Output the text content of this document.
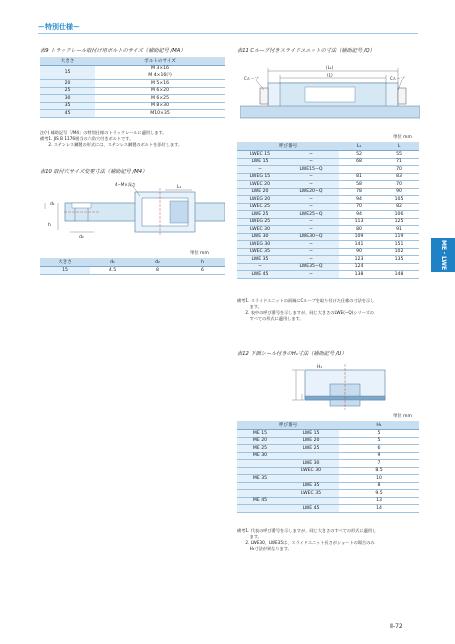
ー特別仕様ー
ME・LWE
表9 トラックレール取付け用ボルトのサイズ（補助記号 /MA）
大きさ	ボルトのサイズ
15	M 3×16
M 4×16(¹)
20	M 5×16
25	M 6×20
30	M 6×25
35	M 8×30
45	M10×35
注(¹) 補助記号「/M4」の特別仕様のトラックレールに適用します。
備考1. JIS B 1176相当の六角穴付きボルトです。
　　2. ステンレス鋼製の形式には、ステンレス鋼製のボルトを添付します。
表10 取付穴サイズ変更寸法（補助記号 /M4）
4−M×深さ
L₁
d₁
d₂
h
単位 mm
大きさ	d₁	d₂	h
15	4.5	8	6
表11 Cループ付きスライドユニットの寸法（補助記号 /Q）
Cループ	Cループ
(L₁)
(L)
単位 mm
呼び番号		L₁	L
LWEC 15	−	52	55
LWE 15	−	68	71
−	LWE15−Q		70
LWEG 15	−	81	83
LWEC 20	−	58	70
LWE 20	LWE20−Q	78	90
LWEG 20	−	94	105
LWEC 25	−	70	82
LWE 25	LWE25−Q	94	106
LWEG 25	−	113	125
LWEC 30	−	80	91
LWE 30	LWE30−Q	109	119
LWEG 30	−	141	151
LWEC 35	−	90	102
LWE 35	−	123	135
−	LWE35−Q	124	
LWE 45	−	138	148
備考1. スライドユニットの両端にCループを取り付けた仕様の寸法を示し
　　　ます。
　　2. 表中の呼び番号を示しますが、同じ大きさのLWE(−Q)シリーズの
　　　すべての形式に適用します。
表12 下面シール付きのH₁寸法（補助記号 /U）
H₁
単位 mm
呼び番号		H₁
ME 15	LWE 15	5
ME 20	LWE 20	5
ME 25	LWE 25	6
ME 30		9
	LWE 30	7
	LWEC 30	8.5
ME 35		10
	LWE 35	8
	LWEC 35	9.5
ME 45		13
	LWE 45	14
備考1. 代表の呼び番号を示しますが、同じ大きさのすべての形式に適用し
　　　ます。
　　2. LWE30、LWE35は、スライドユニット長さがショートの場合のみ
　　　H₁寸法が異なります。
Ⅱ-72
